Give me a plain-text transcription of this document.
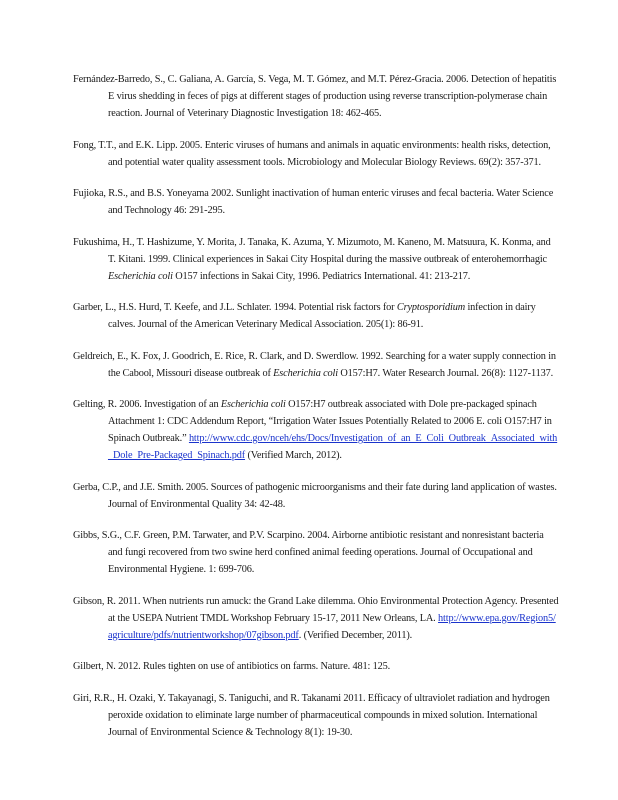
Fernández-Barredo, S., C. Galiana, A. García, S. Vega, M. T. Gómez, and M.T. Pérez-Gracia. 2006. Detection of hepatitis E virus shedding in feces of pigs at different stages of production using reverse transcription-polymerase chain reaction. Journal of Veterinary Diagnostic Investigation 18: 462-465.

Fong, T.T., and E.K. Lipp. 2005. Enteric viruses of humans and animals in aquatic environments: health risks, detection, and potential water quality assessment tools. Microbiology and Molecular Biology Reviews. 69(2): 357-371.

Fujioka, R.S., and B.S. Yoneyama 2002. Sunlight inactivation of human enteric viruses and fecal bacteria. Water Science and Technology 46: 291-295.

Fukushima, H., T. Hashizume, Y. Morita, J. Tanaka, K. Azuma, Y. Mizumoto, M. Kaneno, M. Matsuura, K. Konma, and T. Kitani. 1999. Clinical experiences in Sakai City Hospital during the massive outbreak of enterohemorrhagic Escherichia coli O157 infections in Sakai City, 1996. Pediatrics International. 41: 213-217.

Garber, L., H.S. Hurd, T. Keefe, and J.L. Schlater. 1994. Potential risk factors for Cryptosporidium infection in dairy calves. Journal of the American Veterinary Medical Association. 205(1): 86-91.

Geldreich, E., K. Fox, J. Goodrich, E. Rice, R. Clark, and D. Swerdlow. 1992. Searching for a water supply connection in the Cabool, Missouri disease outbreak of Escherichia coli O157:H7. Water Research Journal. 26(8): 1127-1137.

Gelting, R. 2006. Investigation of an Escherichia coli O157:H7 outbreak associated with Dole pre-packaged spinach Attachment 1: CDC Addendum Report, “Irrigation Water Issues Potentially Related to 2006 E. coli O157:H7 in Spinach Outbreak.” http://www.cdc.gov/nceh/ehs/Docs/Investigation_of_an_E_Coli_Outbreak_Associated_with_Dole_Pre-Packaged_Spinach.pdf (Verified March, 2012).

Gerba, C.P., and J.E. Smith. 2005. Sources of pathogenic microorganisms and their fate during land application of wastes. Journal of Environmental Quality 34: 42-48.

Gibbs, S.G., C.F. Green, P.M. Tarwater, and P.V. Scarpino. 2004. Airborne antibiotic resistant and nonresistant bacteria and fungi recovered from two swine herd confined animal feeding operations. Journal of Occupational and Environmental Hygiene. 1: 699-706.

Gibson, R. 2011. When nutrients run amuck: the Grand Lake dilemma. Ohio Environmental Protection Agency. Presented at the USEPA Nutrient TMDL Workshop February 15-17, 2011 New Orleans, LA. http://www.epa.gov/Region5/agriculture/pdfs/nutrientworkshop/07gibson.pdf. (Verified December, 2011).

Gilbert, N. 2012. Rules tighten on use of antibiotics on farms. Nature. 481: 125.

Giri, R.R., H. Ozaki, Y. Takayanagi, S. Taniguchi, and R. Takanami 2011. Efficacy of ultraviolet radiation and hydrogen peroxide oxidation to eliminate large number of pharmaceutical compounds in mixed solution. International Journal of Environmental Science & Technology 8(1): 19-30.
